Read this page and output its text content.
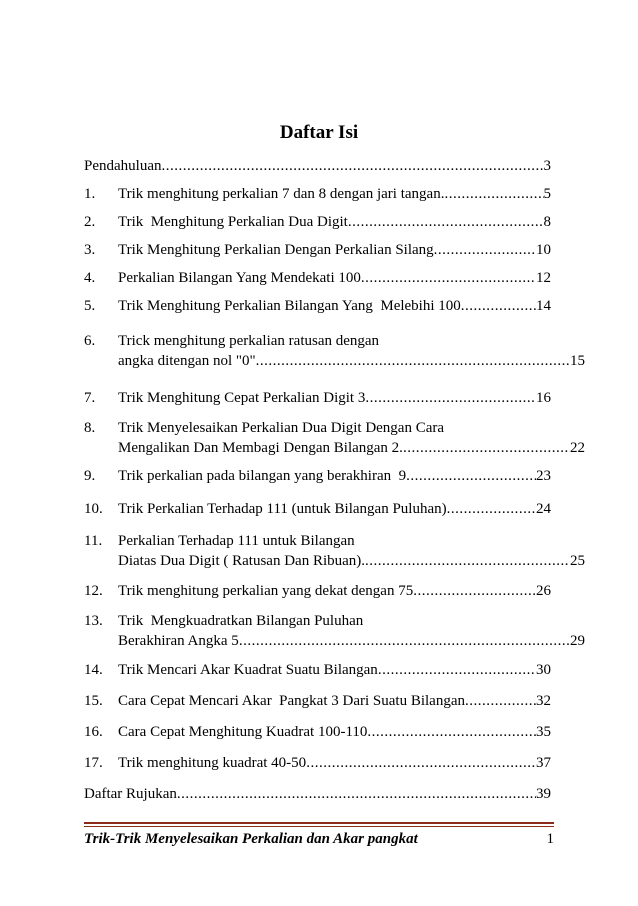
Daftar Isi
Pendahuluan .....	3
1.	Trik menghitung perkalian 7 dan 8 dengan jari tangan. .....	5
2.	Trik  Menghitung Perkalian Dua Digit .....	8
3.	Trik Menghitung Perkalian Dengan Perkalian Silang .....	10
4.	Perkalian Bilangan Yang Mendekati 100 .....	12
5.	Trik Menghitung Perkalian Bilangan Yang  Melebihi 100 .....	14
6.	Trick menghitung perkalian ratusan dengan
angka ditengan nol "0" .....	15
7.	Trik Menghitung Cepat Perkalian Digit 3 .....	16
8.	Trik Menyelesaikan Perkalian Dua Digit Dengan Cara
Mengalikan Dan Membagi Dengan Bilangan 2. .....	22
9.	Trik perkalian pada bilangan yang berakhiran  9 .....	23
10.	Trik Perkalian Terhadap 111 (untuk Bilangan Puluhan) .....	24
11.	Perkalian Terhadap 111 untuk Bilangan
Diatas Dua Digit ( Ratusan Dan Ribuan). .....	25
12.	Trik menghitung perkalian yang dekat dengan 75 .....	26
13.	Trik  Mengkuadratkan Bilangan Puluhan
Berakhiran Angka 5 .....	29
14.	Trik Mencari Akar Kuadrat Suatu Bilangan .....	30
15.	Cara Cepat Mencari Akar  Pangkat 3 Dari Suatu Bilangan .....	32
16.	Cara Cepat Menghitung Kuadrat 100-110 .....	35
17.	Trik menghitung kuadrat 40-50 .....	37
Daftar Rujukan .....	39
Trik-Trik Menyelesaikan Perkalian dan Akar pangkat	1
